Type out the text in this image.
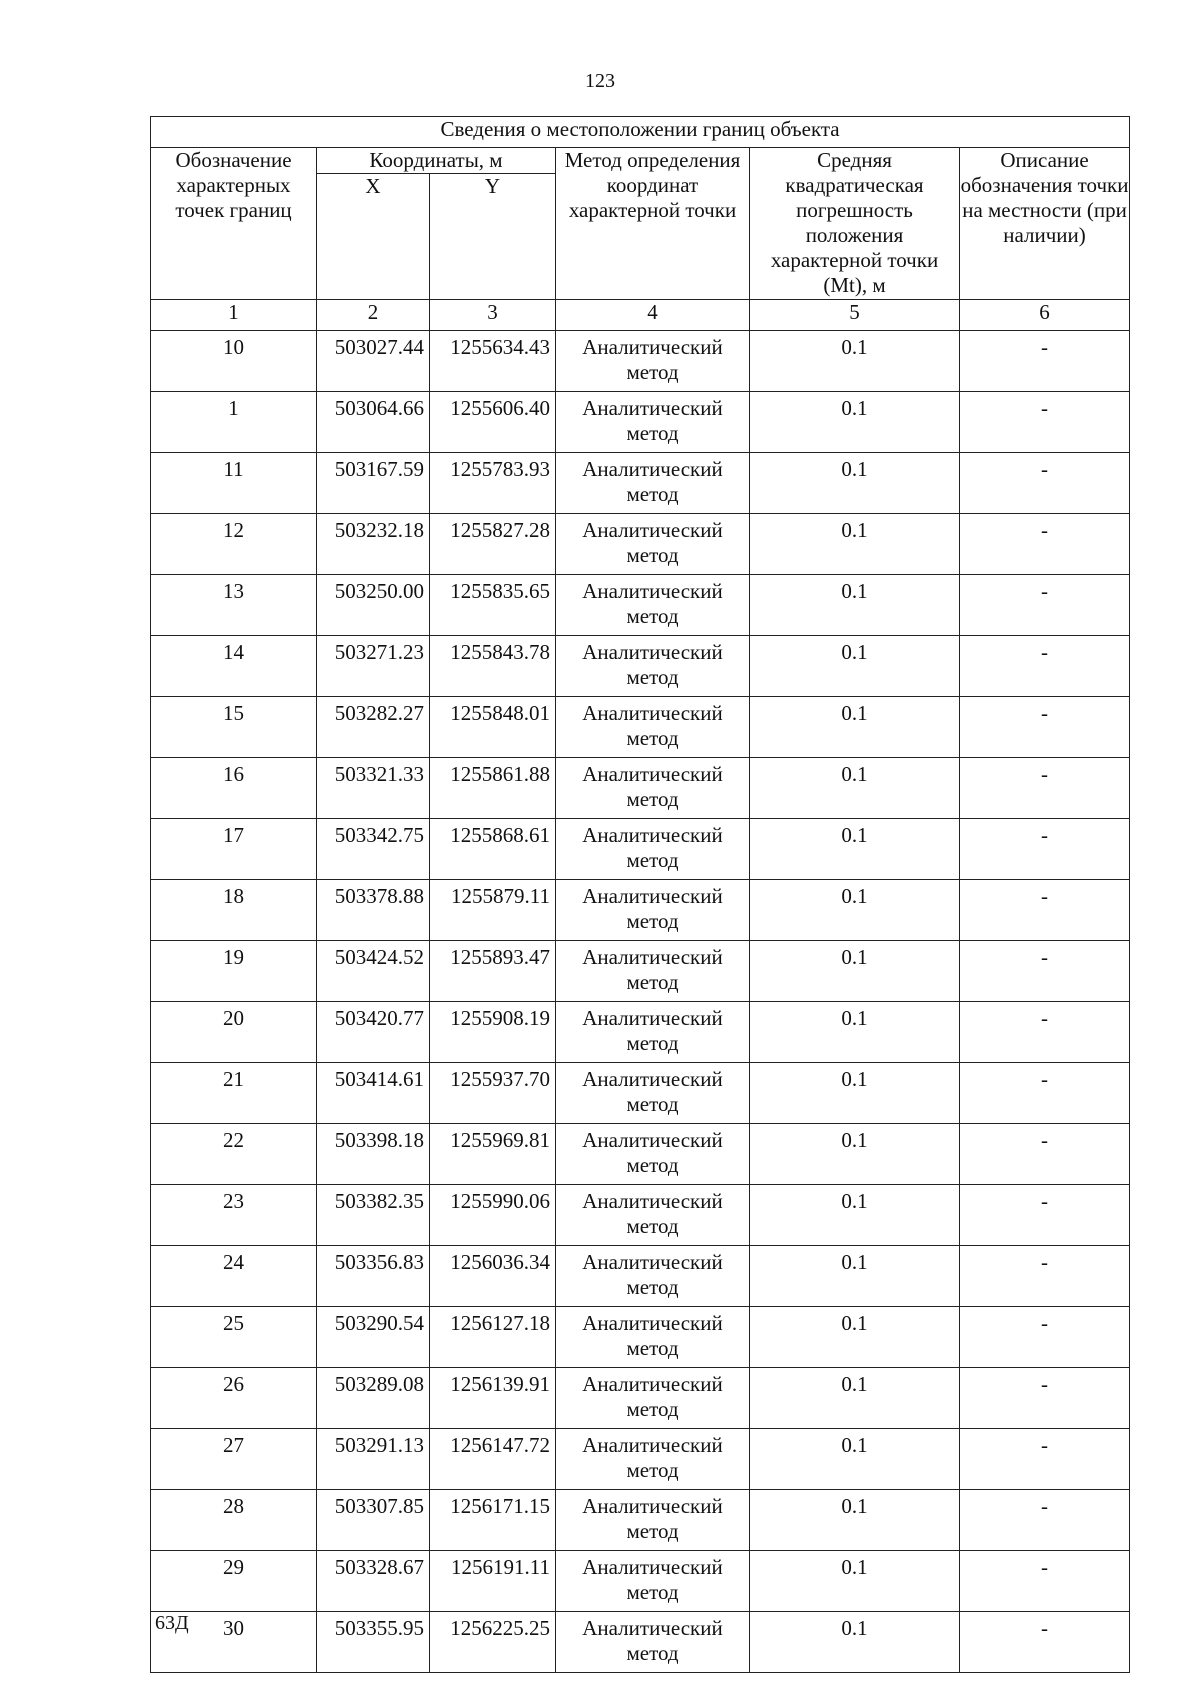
123
Сведения о местоположении границ объекта					
Обозначение характерных точек границ	Координаты, м		Метод определения координат характерной точки	Средняя квадратическая погрешность положения характерной точки (Mt), м	Описание обозначения точки на местности (при наличии)
	X	Y			
1	2	3	4	5	6
10	503027.44	1255634.43	Аналитический метод	0.1	-
1	503064.66	1255606.40	Аналитический метод	0.1	-
11	503167.59	1255783.93	Аналитический метод	0.1	-
12	503232.18	1255827.28	Аналитический метод	0.1	-
13	503250.00	1255835.65	Аналитический метод	0.1	-
14	503271.23	1255843.78	Аналитический метод	0.1	-
15	503282.27	1255848.01	Аналитический метод	0.1	-
16	503321.33	1255861.88	Аналитический метод	0.1	-
17	503342.75	1255868.61	Аналитический метод	0.1	-
18	503378.88	1255879.11	Аналитический метод	0.1	-
19	503424.52	1255893.47	Аналитический метод	0.1	-
20	503420.77	1255908.19	Аналитический метод	0.1	-
21	503414.61	1255937.70	Аналитический метод	0.1	-
22	503398.18	1255969.81	Аналитический метод	0.1	-
23	503382.35	1255990.06	Аналитический метод	0.1	-
24	503356.83	1256036.34	Аналитический метод	0.1	-
25	503290.54	1256127.18	Аналитический метод	0.1	-
26	503289.08	1256139.91	Аналитический метод	0.1	-
27	503291.13	1256147.72	Аналитический метод	0.1	-
28	503307.85	1256171.15	Аналитический метод	0.1	-
29	503328.67	1256191.11	Аналитический метод	0.1	-
30	503355.95	1256225.25	Аналитический метод	0.1	-
63Д
